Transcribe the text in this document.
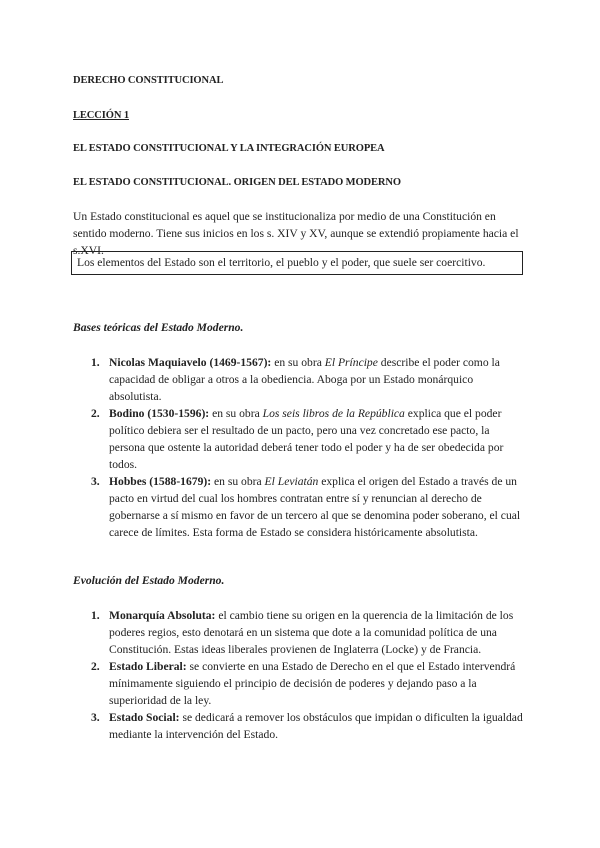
DERECHO CONSTITUCIONAL
LECCIÓN 1
EL ESTADO CONSTITUCIONAL Y LA INTEGRACIÓN EUROPEA
EL ESTADO CONSTITUCIONAL. ORIGEN DEL ESTADO MODERNO
Un Estado constitucional es aquel que se institucionaliza por medio de una Constitución en sentido moderno. Tiene sus inicios en los s. XIV y XV, aunque se extendió propiamente hacia el s.XVI.
Los elementos del Estado son el territorio, el pueblo y el poder, que suele ser coercitivo.
Bases teóricas del Estado Moderno.
1. Nicolas Maquiavelo (1469-1567): en su obra El Príncipe describe el poder como la capacidad de obligar a otros a la obediencia. Aboga por un Estado monárquico absolutista.
2. Bodino (1530-1596): en su obra Los seis libros de la República explica que el poder político debiera ser el resultado de un pacto, pero una vez concretado ese pacto, la persona que ostente la autoridad deberá tener todo el poder y ha de ser obedecida por todos.
3. Hobbes (1588-1679): en su obra El Leviatán explica el origen del Estado a través de un pacto en virtud del cual los hombres contratan entre sí y renuncian al derecho de gobernarse a sí mismo en favor de un tercero al que se denomina poder soberano, el cual carece de límites. Esta forma de Estado se considera históricamente absolutista.
Evolución del Estado Moderno.
1. Monarquía Absoluta: el cambio tiene su origen en la querencia de la limitación de los poderes regios, esto denotará en un sistema que dote a la comunidad política de una Constitución. Estas ideas liberales provienen de Inglaterra (Locke) y de Francia.
2. Estado Liberal: se convierte en una Estado de Derecho en el que el Estado intervendrá mínimamente siguiendo el principio de decisión de poderes y dejando paso a la superioridad de la ley.
3. Estado Social: se dedicará a remover los obstáculos que impidan o dificulten la igualdad mediante la intervención del Estado.
